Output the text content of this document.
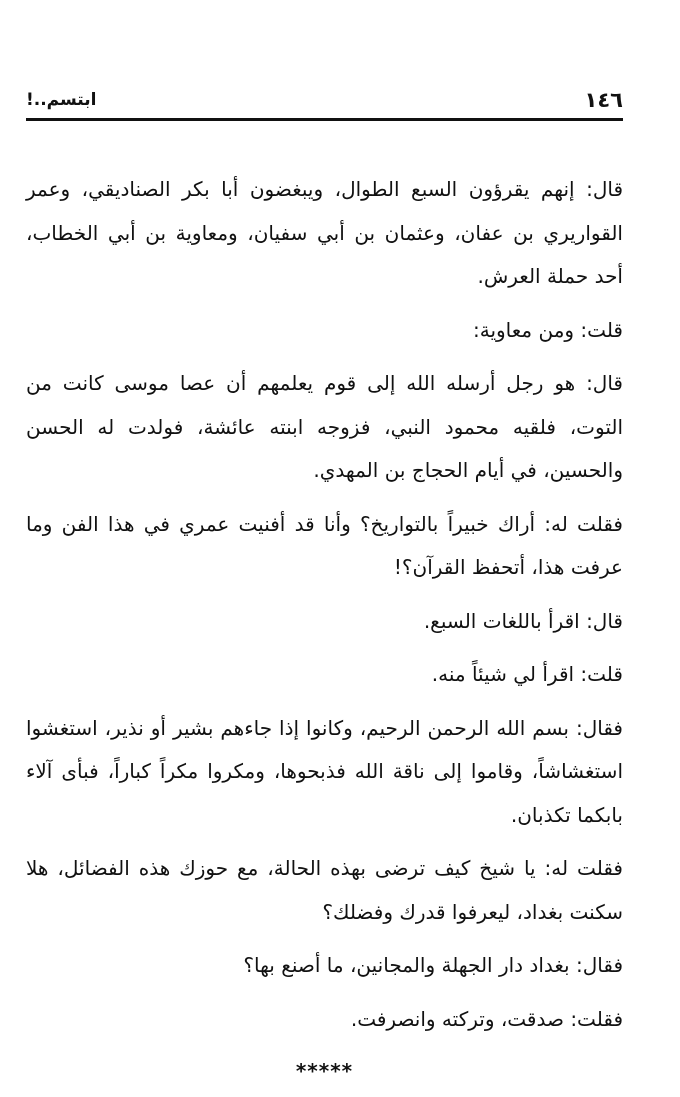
١٤٦
ابتسم..!

قال: إنهم يقرؤون السبع الطوال، ويبغضون أبا بكر الصناديقي، وعمر القواريري بن عفان، وعثمان بن أبي سفيان، ومعاوية بن أبي الخطاب، أحد حملة العرش.

قلت: ومن معاوية:

قال: هو رجل أرسله الله إلى قوم يعلمهم أن عصا موسى كانت من التوت، فلقيه محمود النبي، فزوجه ابنته عائشة، فولدت له الحسن والحسين، في أيام الحجاج بن المهدي.

فقلت له: أراك خبيراً بالتواريخ؟ وأنا قد أفنيت عمري في هذا الفن وما عرفت هذا، أتحفظ القرآن؟!

قال: اقرأ باللغات السبع.

قلت: اقرأ لي شيئاً منه.

فقال: بسم الله الرحمن الرحيم، وكانوا إذا جاءهم بشير أو نذير، استغشوا استغشاشاً، وقاموا إلى ناقة الله فذبحوها، ومكروا مكراً كباراً، فبأى آلاء بابكما تكذبان.

فقلت له: يا شيخ كيف ترضى بهذه الحالة، مع حوزك هذه الفضائل، هلا سكنت بغداد، ليعرفوا قدرك وفضلك؟

فقال: بغداد دار الجهلة والمجانين، ما أصنع بها؟

فقلت: صدقت، وتركته وانصرفت.

*****
